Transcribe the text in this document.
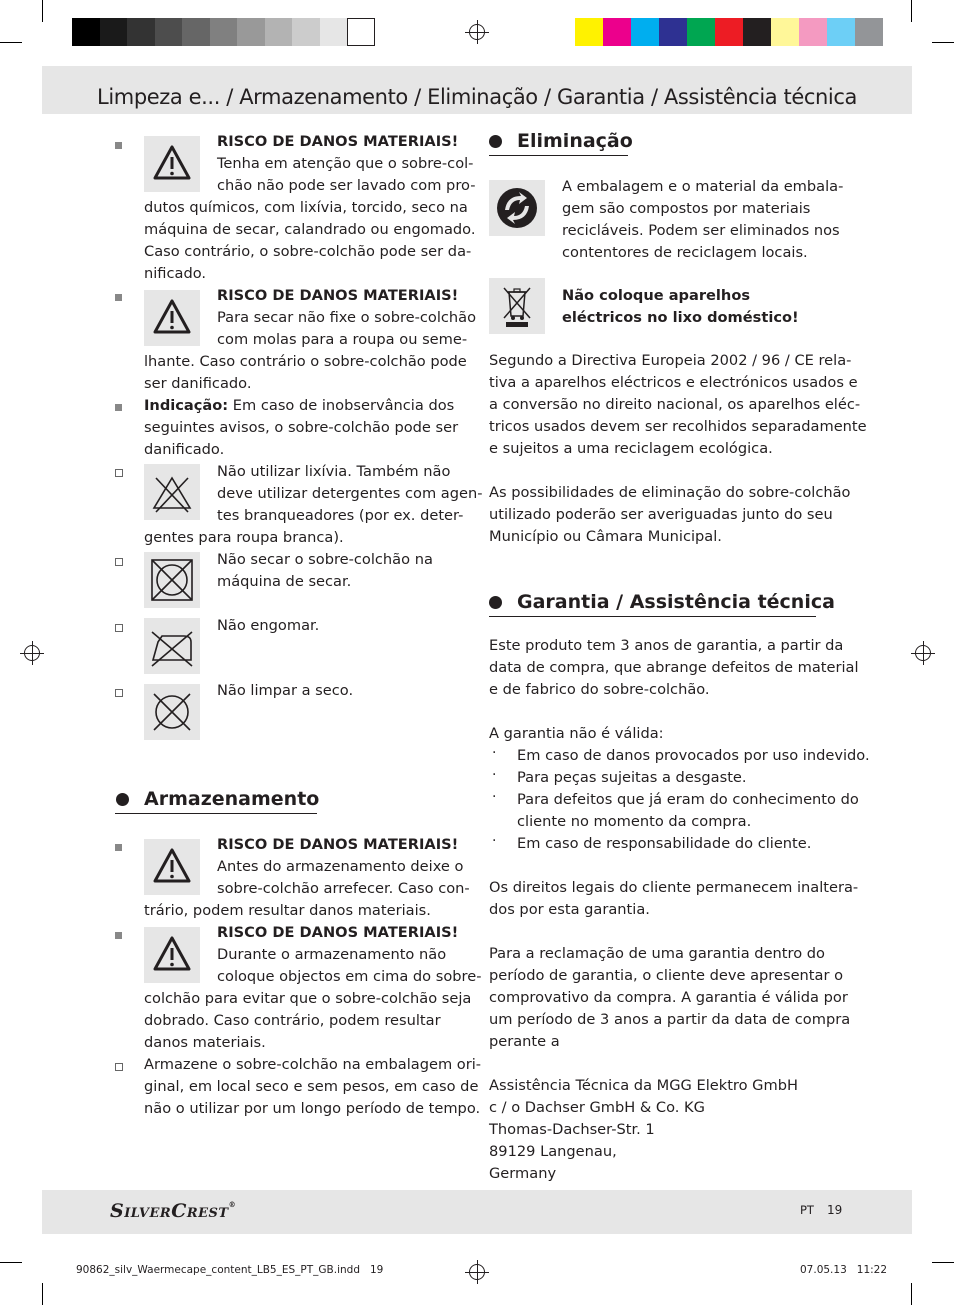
Limpeza e... / Armazenamento / Eliminação / Garantia / Assistência técnica
RISCO DE DANOS MATERIAIS!
Tenha em atenção que o sobre-col-
chão não pode ser lavado com pro-
dutos químicos, com lixívia, torcido, seco na
máquina de secar, calandrado ou engomado.
Caso contrário, o sobre-colchão pode ser da-
nificado.
RISCO DE DANOS MATERIAIS!
Para secar não fixe o sobre-colchão
com molas para a roupa ou seme-
lhante. Caso contrário o sobre-colchão pode
ser danificado.
Indicação: Em caso de inobservância dos
seguintes avisos, o sobre-colchão pode ser
danificado.
Não utilizar lixívia. Também não
deve utilizar detergentes com agen-
tes branqueadores (por ex. deter-
gentes para roupa branca).
Não secar o sobre-colchão na
máquina de secar.
Não engomar.
Não limpar a seco.
Armazenamento
RISCO DE DANOS MATERIAIS!
Antes do armazenamento deixe o
sobre-colchão arrefecer. Caso con-
trário, podem resultar danos materiais.
RISCO DE DANOS MATERIAIS!
Durante o armazenamento não
coloque objectos em cima do sobre-
colchão para evitar que o sobre-colchão seja
dobrado. Caso contrário, podem resultar
danos materiais.
Armazene o sobre-colchão na embalagem ori-
ginal, em local seco e sem pesos, em caso de
não o utilizar por um longo período de tempo.
Eliminação
A embalagem e o material da embala-
gem são compostos por materiais
recicláveis. Podem ser eliminados nos
contentores de reciclagem locais.
Não coloque aparelhos
eléctricos no lixo doméstico!
Segundo a Directiva Europeia 2002 / 96 / CE rela-
tiva a aparelhos eléctricos e electrónicos usados e
a conversão no direito nacional, os aparelhos eléc-
tricos usados devem ser recolhidos separadamente
e sujeitos a uma reciclagem ecológica.
As possibilidades de eliminação do sobre-colchão
utilizado poderão ser averiguadas junto do seu
Município ou Câmara Municipal.
Garantia / Assistência técnica
Este produto tem 3 anos de garantia, a partir da
data de compra, que abrange defeitos de material
e de fabrico do sobre-colchão.
A garantia não é válida:
· Em caso de danos provocados por uso indevido.
· Para peças sujeitas a desgaste.
· Para defeitos que já eram do conhecimento do
cliente no momento da compra.
· Em caso de responsabilidade do cliente.
Os direitos legais do cliente permanecem inaltera-
dos por esta garantia.
Para a reclamação de uma garantia dentro do
período de garantia, o cliente deve apresentar o
comprovativo da compra. A garantia é válida por
um período de 3 anos a partir da data de compra
perante a
Assistência Técnica da MGG Elektro GmbH
c / o Dachser GmbH & Co. KG
Thomas-Dachser-Str. 1
89129 Langenau,
Germany
SilverCrest®	PT 19
90862_silv_Waermecape_content_LB5_ES_PT_GB.indd   19	07.05.13   11:22
